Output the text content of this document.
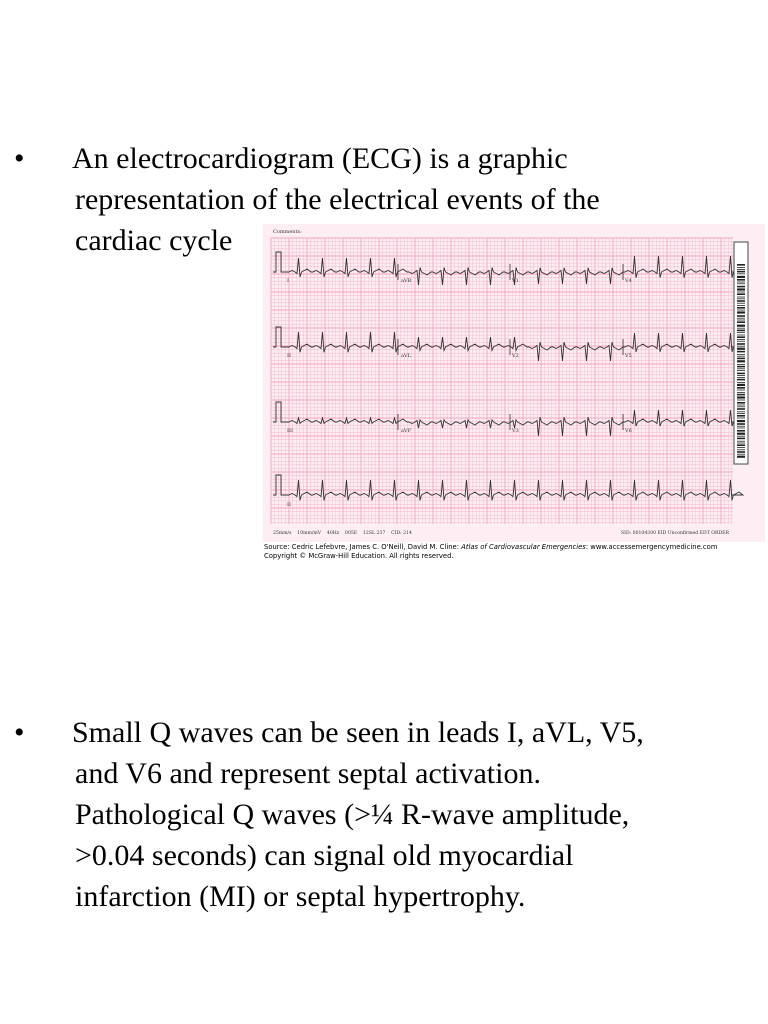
• An electrocardiogram (ECG) is a graphic
representation of the electrical events of the
cardiac cycle	Comments:
I	aVR	V1	V4
II	aVL	V2	V5
III	aVF	V3	V6
II
25mm/s    10mm/mV    40Hz    005E    12SL 237    CID: 214	SID: 00104300 EID Unconfirmed EDT ORDER
Source: Cedric Lefebvre, James C. O'Neill, David M. Cline: Atlas of Cardiovascular Emergencies: www.accessemergencymedicine.com
Copyright © McGraw-Hill Education. All rights reserved.
• Small Q waves can be seen in leads I, aVL, V5,
and V6 and represent septal activation.
Pathological Q waves (>¼ R-wave amplitude,
>0.04 seconds) can signal old myocardial
infarction (MI) or septal hypertrophy.
